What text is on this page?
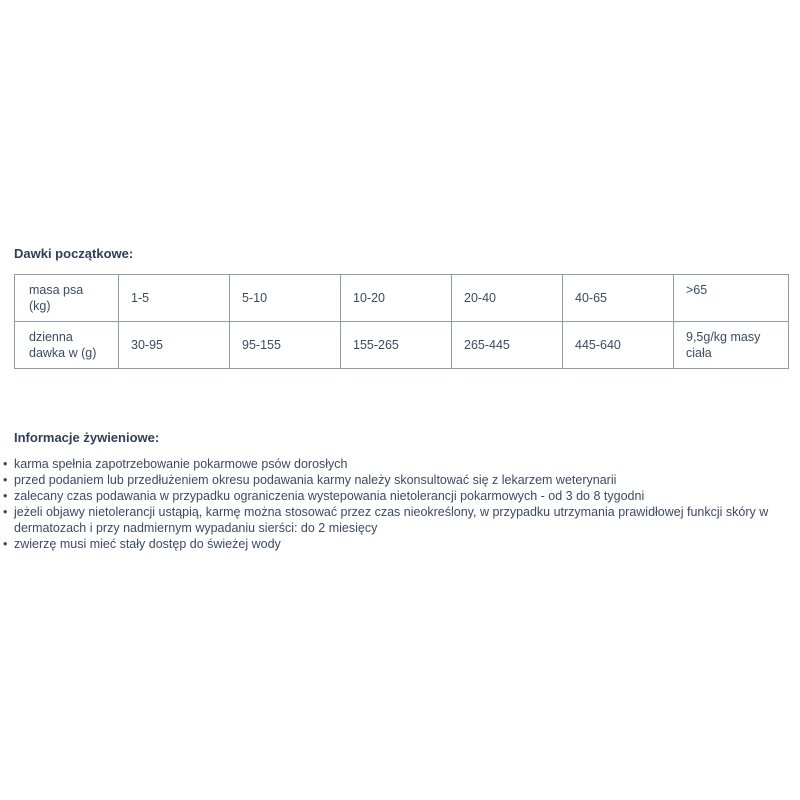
Dawki początkowe:
masa psa (kg)	1-5	5-10	10-20	20-40	40-65	>65
dzienna dawka w (g)	30-95	95-155	155-265	265-445	445-640	9,5g/kg masy ciała
Informacje żywieniowe:
• karma spełnia zapotrzebowanie pokarmowe psów dorosłych
• przed podaniem lub przedłużeniem okresu podawania karmy należy skonsultować się z lekarzem weterynarii
• zalecany czas podawania w przypadku ograniczenia wystepowania nietolerancji pokarmowych - od 3 do 8 tygodni
• jeżeli objawy nietolerancji ustąpią, karmę można stosować przez czas nieokreślony, w przypadku utrzymania prawidłowej funkcji skóry w dermatozach i przy nadmiernym wypadaniu sierści: do 2 miesięcy
• zwierzę musi mieć stały dostęp do świeżej wody
